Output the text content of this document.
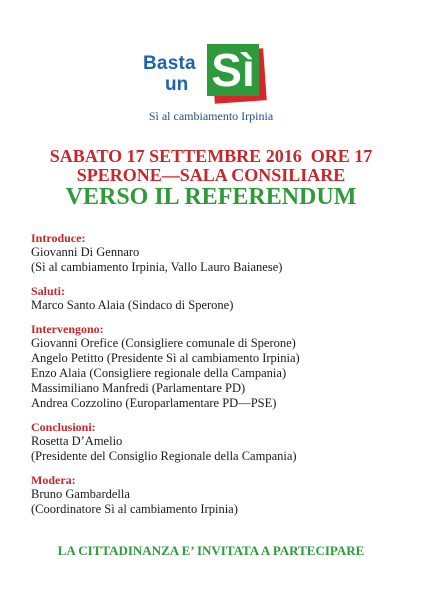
Basta
un Sì
Sì al cambiamento Irpinia
SABATO 17 SETTEMBRE 2016  ORE 17
SPERONE—SALA CONSILIARE
VERSO IL REFERENDUM
Introduce:
Giovanni Di Gennaro
(Sì al cambiamento Irpinia, Vallo Lauro Baianese)
Saluti:
Marco Santo Alaia (Sindaco di Sperone)
Intervengono:
Giovanni Orefice (Consigliere comunale di Sperone)
Angelo Petitto (Presidente Sì al cambiamento Irpinia)
Enzo Alaia (Consigliere regionale della Campania)
Massimiliano Manfredi (Parlamentare PD)
Andrea Cozzolino (Europarlamentare PD—PSE)
Conclusioni:
Rosetta D’Amelio
(Presidente del Consiglio Regionale della Campania)
Modera:
Bruno Gambardella
(Coordinatore Sì al cambiamento Irpinia)
LA CITTADINANZA E’ INVITATA A PARTECIPARE
